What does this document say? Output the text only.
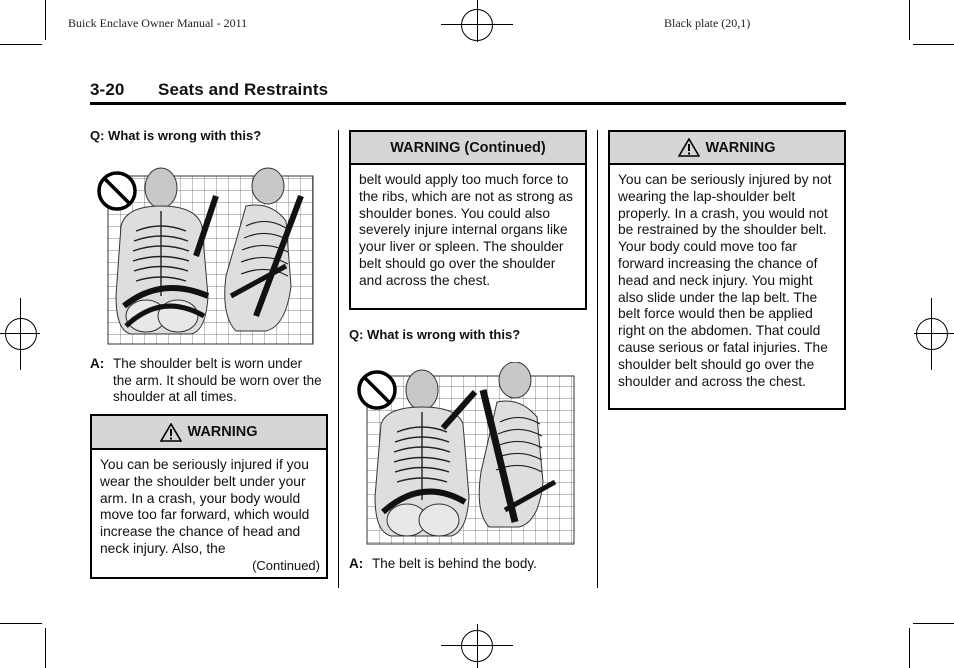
Buick Enclave Owner Manual - 2011	Black plate (20,1)
3-20 Seats and Restraints
Q: What is wrong with this?
A: The shoulder belt is worn under the arm. It should be worn over the shoulder at all times.
WARNING
You can be seriously injured if you wear the shoulder belt under your arm. In a crash, your body would move too far forward, which would increase the chance of head and neck injury. Also, the
(Continued)
WARNING (Continued)
belt would apply too much force to the ribs, which are not as strong as shoulder bones. You could also severely injure internal organs like your liver or spleen. The shoulder belt should go over the shoulder and across the chest.
Q: What is wrong with this?
A: The belt is behind the body.
WARNING
You can be seriously injured by not wearing the lap-shoulder belt properly. In a crash, you would not be restrained by the shoulder belt. Your body could move too far forward increasing the chance of head and neck injury. You might also slide under the lap belt. The belt force would then be applied right on the abdomen. That could cause serious or fatal injuries. The shoulder belt should go over the shoulder and across the chest.
